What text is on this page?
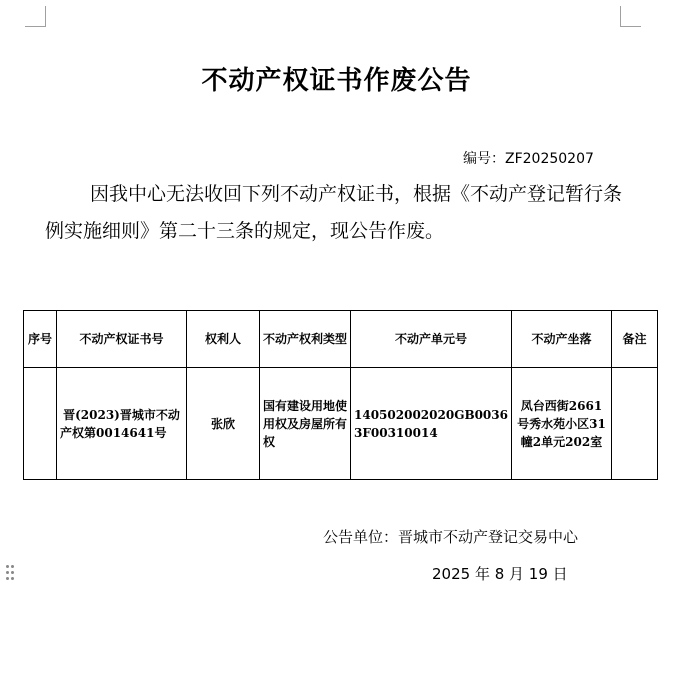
不动产权证书作废公告
编号：ZF20250207
因我中心无法收回下列不动产权证书，根据《不动产登记暂行条例实施细则》第二十三条的规定，现公告作废。
序号	不动产权证书号	权利人	不动产权利类型	不动产单元号	不动产坐落	备注
	晋(2023)晋城市不动产权第0014641号	张欣	国有建设用地使用权及房屋所有权	140502002020GB00363F00310014	凤台西街2661号秀水苑小区31幢2单元202室	
公告单位：晋城市不动产登记交易中心
2025 年 8 月 19 日
